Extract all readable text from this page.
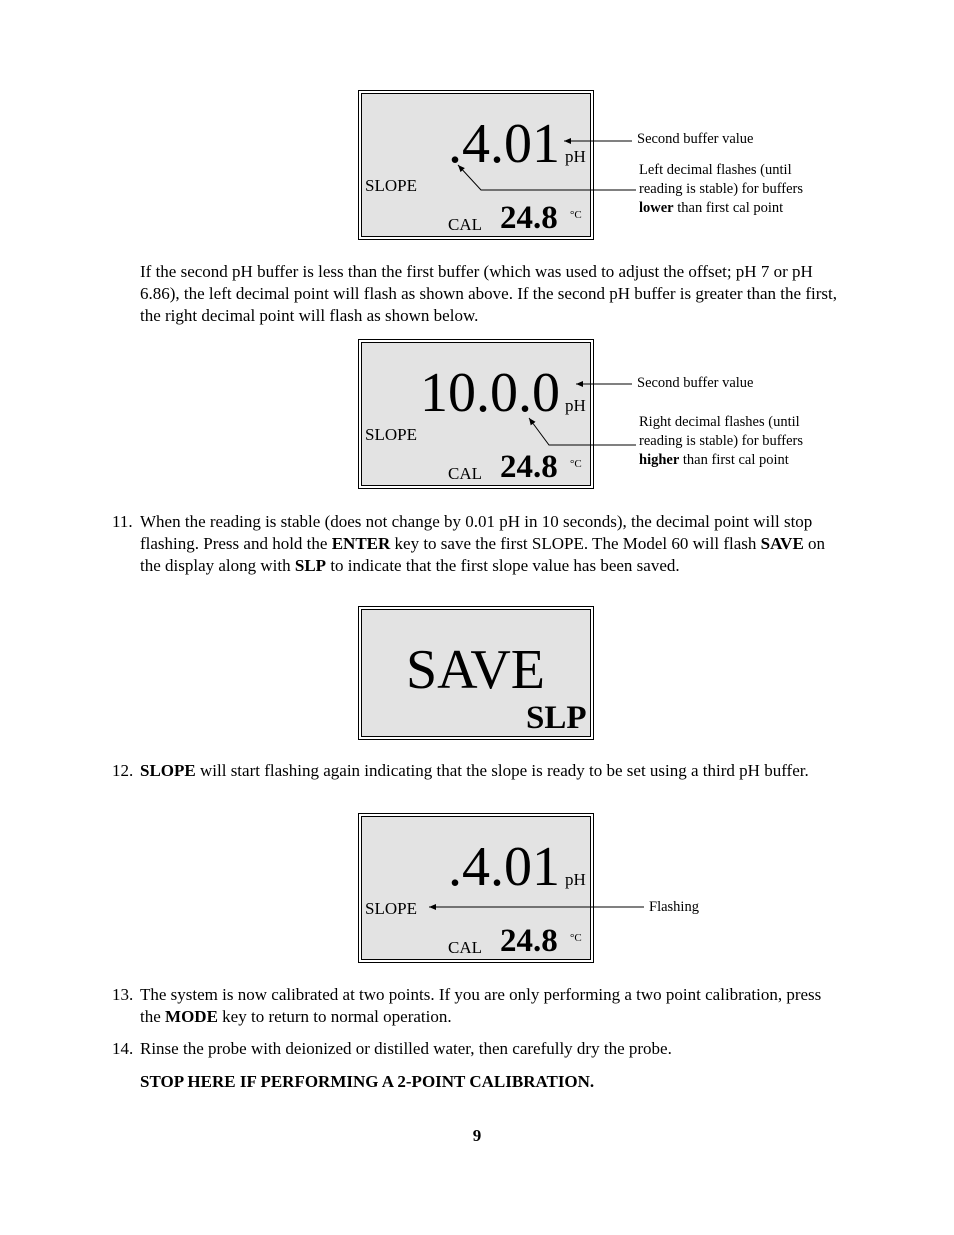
.4.01 pH
SLOPE
CAL 24.8 °C
Second buffer value
Left decimal flashes (until
reading is stable) for buffers
lower than first cal point
If the second pH buffer is less than the first buffer (which was used to adjust the offset; pH 7 or pH 6.86), the left decimal point will flash as shown above. If the second pH buffer is greater than the first, the right decimal point will flash as shown below.
10.0.0 pH
SLOPE
CAL 24.8 °C
Second buffer value
Right decimal flashes (until
reading is stable) for buffers
higher than first cal point
11. When the reading is stable (does not change by 0.01 pH in 10 seconds), the decimal point will stop flashing. Press and hold the ENTER key to save the first SLOPE. The Model 60 will flash SAVE on the display along with SLP to indicate that the first slope value has been saved.
SAVE
SLP
12. SLOPE will start flashing again indicating that the slope is ready to be set using a third pH buffer.
.4.01 pH
SLOPE
CAL 24.8 °C
Flashing
13. The system is now calibrated at two points. If you are only performing a two point calibration, press the MODE key to return to normal operation.
14. Rinse the probe with deionized or distilled water, then carefully dry the probe.
STOP HERE IF PERFORMING A 2-POINT CALIBRATION.
9
